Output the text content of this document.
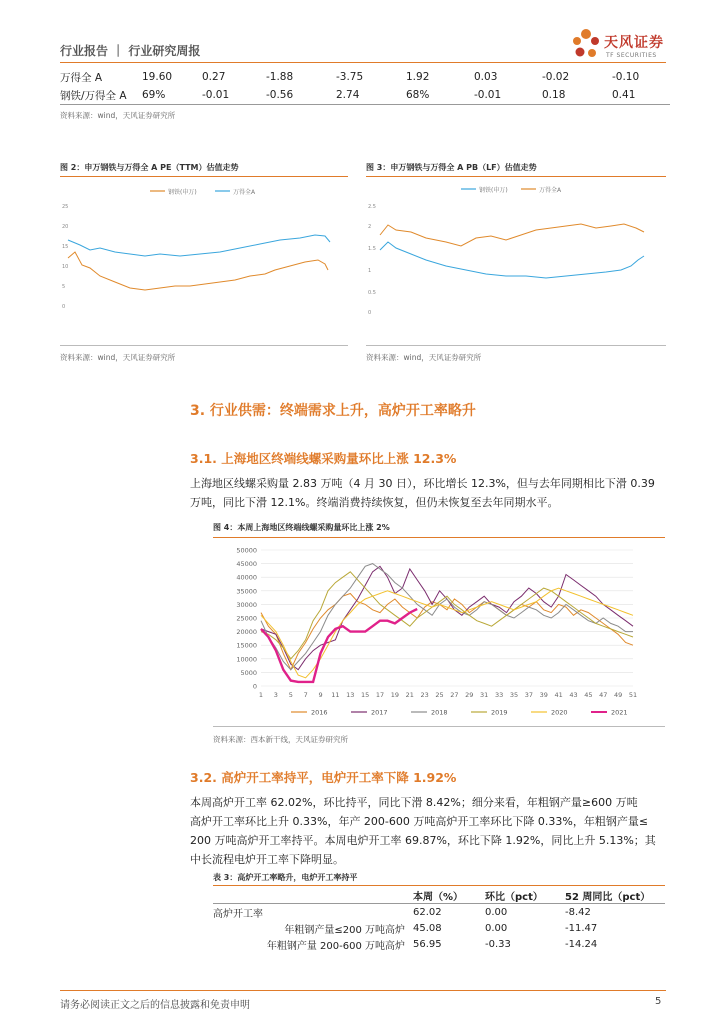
行业报告 ｜ 行业研究周报	天风证券
TF SECURITIES
万得全 A	19.60	0.27	-1.88	-3.75	1.92	0.03	-0.02	-0.10
钢铁/万得全 A	69%	-0.01	-0.56	2.74	68%	-0.01	0.18	0.41
资料来源：wind，天风证券研究所
图 2：申万钢铁与万得全 A PE（TTM）估值走势
钢铁(申万)	万得全A
25
20
15
10
5
0
资料来源：wind，天风证券研究所
图 3：申万钢铁与万得全 A PB（LF）估值走势
钢铁(申万)	万得全A
2.5
2
1.5
1
0.5
0
资料来源：wind，天风证券研究所
3. 行业供需：终端需求上升，高炉开工率略升
3.1. 上海地区终端线螺采购量环比上涨 12.3%
上海地区线螺采购量 2.83 万吨（4 月 30 日），环比增长 12.3%，但与去年同期相比下滑 0.39
万吨，同比下滑 12.1%。终端消费持续恢复，但仍未恢复至去年同期水平。
图 4：本周上海地区终端线螺采购量环比上涨 2%
0
5000
10000
15000
20000
25000
30000
35000
40000
45000
50000
1 3 5 7 9 11 13 15 17 19 21 23 25 27 29 31 33 35 37 39 41 43 45 47 49 51
2016	2017	2018	2019	2020	2021
资料来源：西本新干线，天风证券研究所
3.2. 高炉开工率持平，电炉开工率下降 1.92%
本周高炉开工率 62.02%，环比持平，同比下滑 8.42%；细分来看，年粗钢产量≥600 万吨
高炉开工率环比上升 0.33%，年产 200-600 万吨高炉开工率环比下降 0.33%，年粗钢产量≤
200 万吨高炉开工率持平。本周电炉开工率 69.87%，环比下降 1.92%，同比上升 5.13%；其
中长流程电炉开工率下降明显。
表 3：高炉开工率略升，电炉开工率持平
	本周（%）	环比（pct）	52 周同比（pct）
高炉开工率	62.02	0.00	-8.42
年粗钢产量≤200 万吨高炉	45.08	0.00	-11.47
年粗钢产量 200-600 万吨高炉	56.95	-0.33	-14.24
请务必阅读正文之后的信息披露和免责申明	5
